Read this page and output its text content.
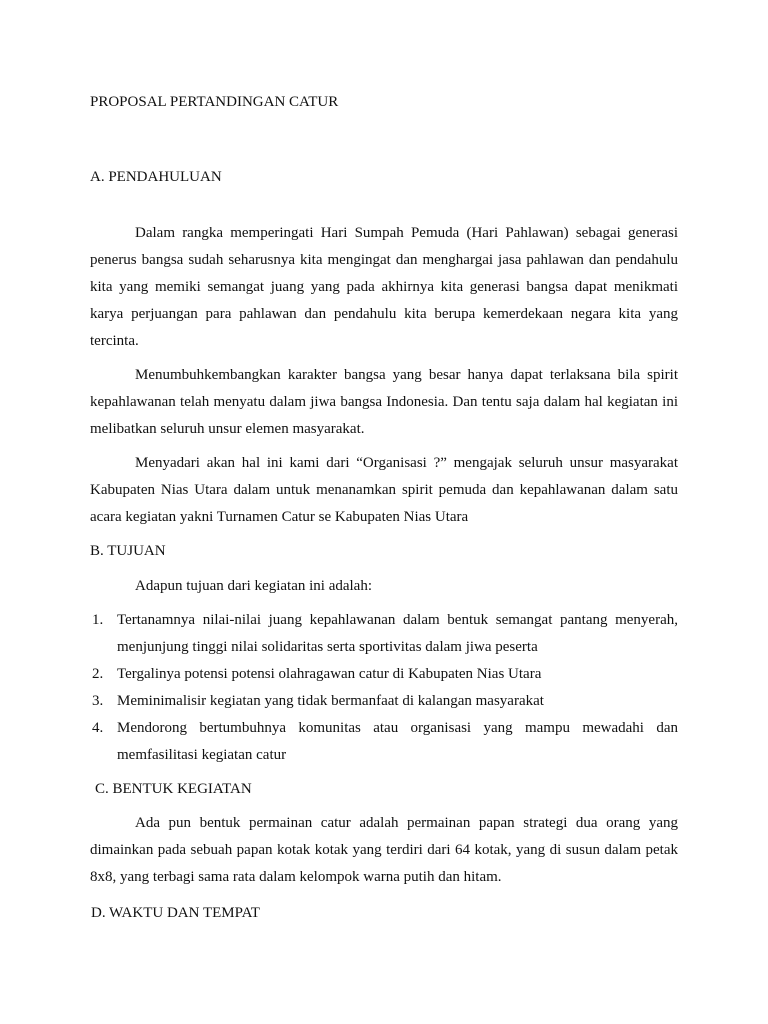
PROPOSAL PERTANDINGAN CATUR
A. PENDAHULUAN

Dalam rangka memperingati Hari Sumpah Pemuda (Hari Pahlawan) sebagai generasi penerus bangsa sudah seharusnya kita mengingat dan menghargai jasa pahlawan dan pendahulu kita yang memiki semangat juang yang pada akhirnya kita generasi bangsa dapat menikmati karya perjuangan para pahlawan dan pendahulu kita berupa kemerdekaan negara kita yang tercinta.

Menumbuhkembangkan karakter bangsa yang besar hanya dapat terlaksana bila spirit kepahlawanan telah menyatu dalam jiwa bangsa Indonesia. Dan tentu saja dalam hal kegiatan ini melibatkan seluruh unsur elemen masyarakat.

Menyadari akan hal ini kami dari “Organisasi ?” mengajak seluruh unsur masyarakat Kabupaten Nias Utara dalam untuk menanamkan spirit pemuda dan kepahlawanan dalam satu acara kegiatan yakni Turnamen Catur se Kabupaten Nias Utara

B. TUJUAN

Adapun tujuan dari kegiatan ini adalah:

1. Tertanamnya nilai-nilai juang kepahlawanan dalam bentuk semangat pantang menyerah, menjunjung tinggi nilai solidaritas serta sportivitas dalam jiwa peserta
2. Tergalinya potensi potensi olahragawan catur di Kabupaten Nias Utara
3. Meminimalisir kegiatan yang tidak bermanfaat di kalangan masyarakat
4. Mendorong bertumbuhnya komunitas atau organisasi yang mampu mewadahi dan memfasilitasi kegiatan catur
C. BENTUK KEGIATAN

Ada pun bentuk permainan catur adalah permainan papan strategi dua orang yang dimainkan pada sebuah papan kotak kotak yang terdiri dari 64 kotak, yang di susun dalam petak 8x8, yang terbagi sama rata dalam kelompok warna putih dan hitam.

D. WAKTU DAN TEMPAT
